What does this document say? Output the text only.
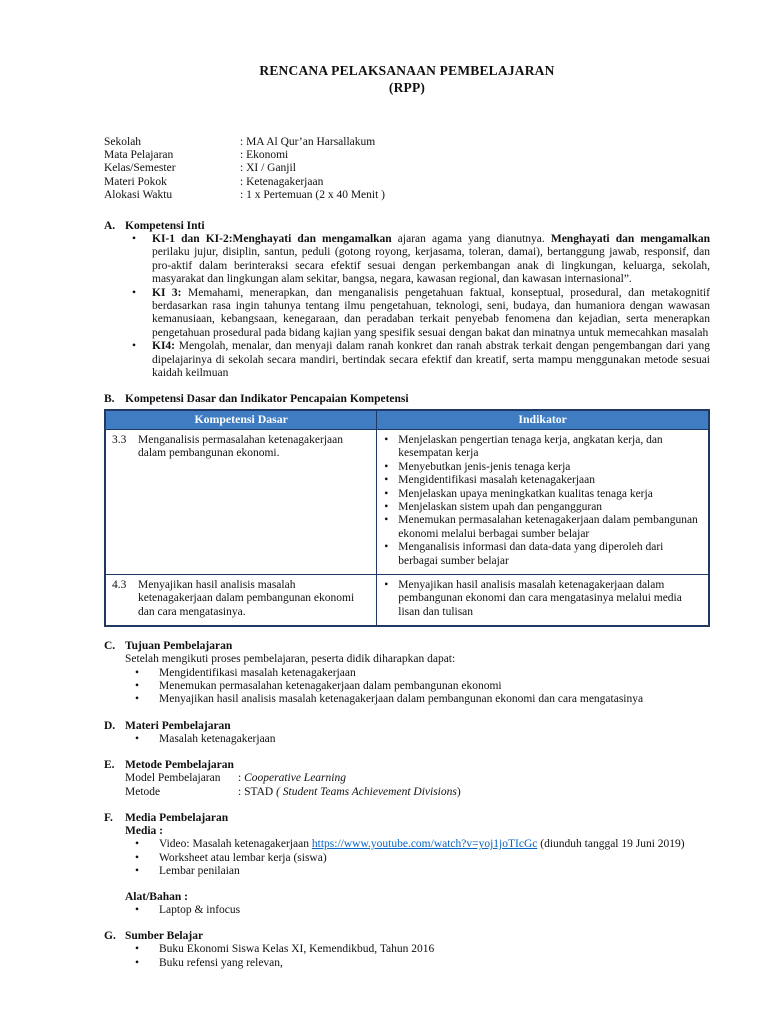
RENCANA PELAKSANAAN PEMBELAJARAN
(RPP)
Sekolah	: MA Al Qur’an Harsallakum
Mata Pelajaran	: Ekonomi
Kelas/Semester	: XI / Ganjil
Materi Pokok	: Ketenagakerjaan
Alokasi Waktu	: 1 x Pertemuan (2 x 40 Menit )
A. Kompetensi Inti
• KI-1 dan KI-2:Menghayati dan mengamalkan ajaran agama yang dianutnya. Menghayati dan mengamalkan perilaku jujur, disiplin, santun, peduli (gotong royong, kerjasama, toleran, damai), bertanggung jawab, responsif, dan pro-aktif dalam berinteraksi secara efektif sesuai dengan perkembangan anak di lingkungan, keluarga, sekolah, masyarakat dan lingkungan alam sekitar, bangsa, negara, kawasan regional, dan kawasan internasional”.
• KI 3: Memahami, menerapkan, dan menganalisis pengetahuan faktual, konseptual, prosedural, dan metakognitif berdasarkan rasa ingin tahunya tentang ilmu pengetahuan, teknologi, seni, budaya, dan humaniora dengan wawasan kemanusiaan, kebangsaan, kenegaraan, dan peradaban terkait penyebab fenomena dan kejadian, serta menerapkan pengetahuan prosedural pada bidang kajian yang spesifik sesuai dengan bakat dan minatnya untuk memecahkan masalah
• KI4: Mengolah, menalar, dan menyaji dalam ranah konkret dan ranah abstrak terkait dengan pengembangan dari yang dipelajarinya di sekolah secara mandiri, bertindak secara efektif dan kreatif, serta mampu menggunakan metode sesuai kaidah keilmuan
B. Kompetensi Dasar dan Indikator Pencapaian Kompetensi
Kompetensi Dasar	Indikator

3.3	Menganalisis permasalahan ketenagakerjaan dalam pembangunan ekonomi.

• Menjelaskan pengertian tenaga kerja, angkatan kerja, dan kesempatan kerja
• Menyebutkan jenis-jenis tenaga kerja
• Mengidentifikasi masalah ketenagakerjaan
• Menjelaskan upaya meningkatkan kualitas tenaga kerja
• Menjelaskan sistem upah dan pengangguran
• Menemukan permasalahan ketenagakerjaan dalam pembangunan ekonomi melalui berbagai sumber belajar
• Menganalisis informasi dan data-data yang diperoleh dari berbagai sumber belajar

4.3	Menyajikan hasil analisis masalah ketenagakerjaan dalam pembangunan ekonomi dan cara mengatasinya.

• Menyajikan hasil analisis masalah ketenagakerjaan dalam pembangunan ekonomi dan cara mengatasinya melalui media lisan dan tulisan
C. Tujuan Pembelajaran
Setelah mengikuti proses pembelajaran, peserta didik diharapkan dapat:
• Mengidentifikasi masalah ketenagakerjaan
• Menemukan permasalahan ketenagakerjaan dalam pembangunan ekonomi
• Menyajikan hasil analisis masalah ketenagakerjaan dalam pembangunan ekonomi dan cara mengatasinya
D. Materi Pembelajaran
• Masalah ketenagakerjaan
E. Metode Pembelajaran
Model Pembelajaran	: Cooperative Learning
Metode	: STAD ( Student Teams Achievement Divisions)
F.	Media Pembelajaran
Media :
• Video: Masalah ketenagakerjaan https://www.youtube.com/watch?v=yoj1joTIcGc (diunduh tanggal 19 Juni 2019)
• Worksheet atau lembar kerja (siswa)
• Lembar penilaian
Alat/Bahan :
• Laptop & infocus
G. Sumber Belajar
• Buku Ekonomi Siswa Kelas XI, Kemendikbud, Tahun 2016
• Buku refensi yang relevan,
